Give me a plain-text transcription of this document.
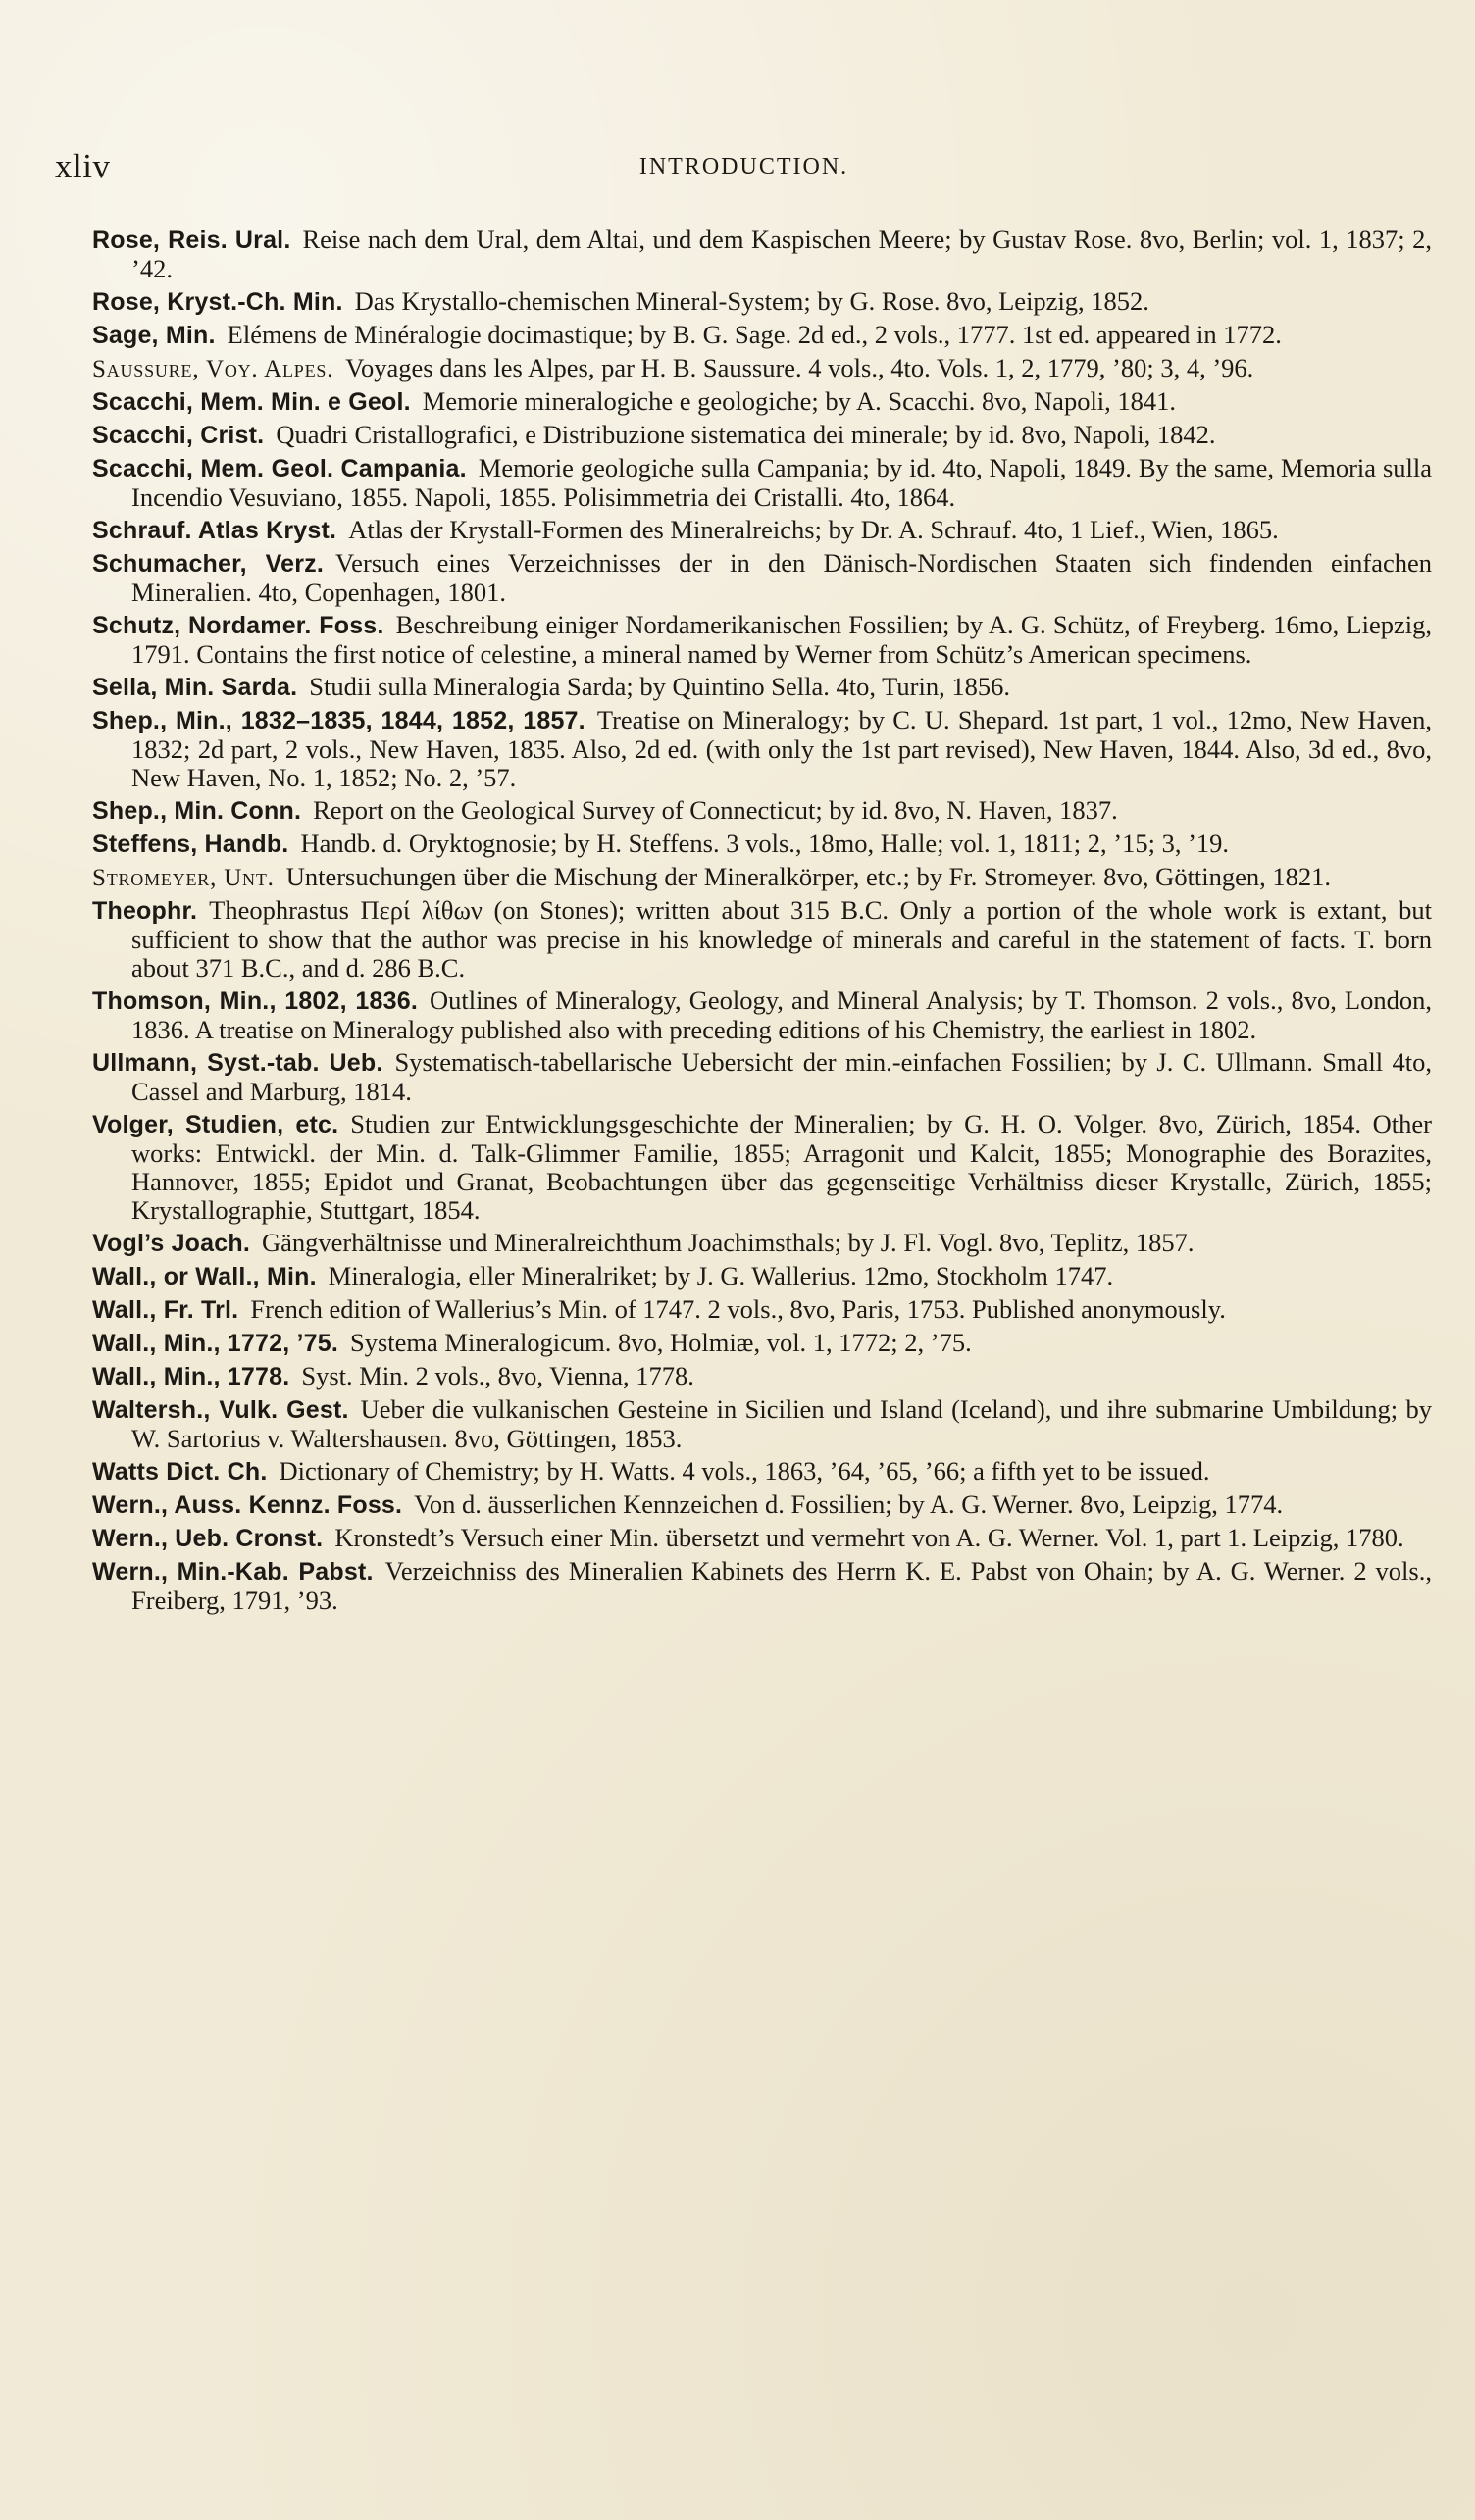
xliv	INTRODUCTION.
Rose, Reis. Ural. Reise nach dem Ural, dem Altai, und dem Kaspischen Meere; by Gustav Rose. 8vo, Berlin; vol. 1, 1837; 2, ’42.
Rose, Kryst.-Ch. Min. Das Krystallo-chemischen Mineral-System; by G. Rose. 8vo, Leipzig, 1852.
Sage, Min. Elémens de Minéralogie docimastique; by B. G. Sage. 2d ed., 2 vols., 1777. 1st ed. appeared in 1772.
Saussure, Voy. Alpes. Voyages dans les Alpes, par H. B. Saussure. 4 vols., 4to. Vols. 1, 2, 1779, ’80; 3, 4, ’96.
Scacchi, Mem. Min. e Geol. Memorie mineralogiche e geologiche; by A. Scacchi. 8vo, Napoli, 1841.
Scacchi, Crist. Quadri Cristallografici, e Distribuzione sistematica dei minerale; by id. 8vo, Napoli, 1842.
Scacchi, Mem. Geol. Campania. Memorie geologiche sulla Campania; by id. 4to, Napoli, 1849. By the same, Memoria sulla Incendio Vesuviano, 1855. Napoli, 1855. Polisimmetria dei Cristalli. 4to, 1864.
Schrauf. Atlas Kryst. Atlas der Krystall-Formen des Mineralreichs; by Dr. A. Schrauf. 4to, 1 Lief., Wien, 1865.
Schumacher, Verz. Versuch eines Verzeichnisses der in den Dänisch-Nordischen Staaten sich findenden einfachen Mineralien. 4to, Copenhagen, 1801.
Schutz, Nordamer. Foss. Beschreibung einiger Nordamerikanischen Fossilien; by A. G. Schütz, of Freyberg. 16mo, Liepzig, 1791. Contains the first notice of celestine, a mineral named by Werner from Schütz’s American specimens.
Sella, Min. Sarda. Studii sulla Mineralogia Sarda; by Quintino Sella. 4to, Turin, 1856.
Shep., Min., 1832–1835, 1844, 1852, 1857. Treatise on Mineralogy; by C. U. Shepard. 1st part, 1 vol., 12mo, New Haven, 1832; 2d part, 2 vols., New Haven, 1835. Also, 2d ed. (with only the 1st part revised), New Haven, 1844. Also, 3d ed., 8vo, New Haven, No. 1, 1852; No. 2, ’57.
Shep., Min. Conn. Report on the Geological Survey of Connecticut; by id. 8vo, N. Haven, 1837.
Steffens, Handb. Handb. d. Oryktognosie; by H. Steffens. 3 vols., 18mo, Halle; vol. 1, 1811; 2, ’15; 3, ’19.
Stromeyer, Unt. Untersuchungen über die Mischung der Mineralkörper, etc.; by Fr. Stromeyer. 8vo, Göttingen, 1821.
Theophr. Theophrastus Περί λίθων (on Stones); written about 315 B.C. Only a portion of the whole work is extant, but sufficient to show that the author was precise in his knowledge of minerals and careful in the statement of facts. T. born about 371 B.C., and d. 286 B.C.
Thomson, Min., 1802, 1836. Outlines of Mineralogy, Geology, and Mineral Analysis; by T. Thomson. 2 vols., 8vo, London, 1836. A treatise on Mineralogy published also with preceding editions of his Chemistry, the earliest in 1802.
Ullmann, Syst.-tab. Ueb. Systematisch-tabellarische Uebersicht der min.-einfachen Fossilien; by J. C. Ullmann. Small 4to, Cassel and Marburg, 1814.
Volger, Studien, etc. Studien zur Entwicklungsgeschichte der Mineralien; by G. H. O. Volger. 8vo, Zürich, 1854. Other works: Entwickl. der Min. d. Talk-Glimmer Familie, 1855; Arragonit und Kalcit, 1855; Monographie des Borazites, Hannover, 1855; Epidot und Granat, Beobachtungen über das gegenseitige Verhältniss dieser Krystalle, Zürich, 1855; Krystallographie, Stuttgart, 1854.
Vogl’s Joach. Gängverhältnisse und Mineralreichthum Joachimsthals; by J. Fl. Vogl. 8vo, Teplitz, 1857.
Wall., or Wall., Min. Mineralogia, eller Mineralriket; by J. G. Wallerius. 12mo, Stockholm 1747.
Wall., Fr. Trl. French edition of Wallerius’s Min. of 1747. 2 vols., 8vo, Paris, 1753. Published anonymously.
Wall., Min., 1772, ’75. Systema Mineralogicum. 8vo, Holmiæ, vol. 1, 1772; 2, ’75.
Wall., Min., 1778. Syst. Min. 2 vols., 8vo, Vienna, 1778.
Waltersh., Vulk. Gest. Ueber die vulkanischen Gesteine in Sicilien und Island (Iceland), und ihre submarine Umbildung; by W. Sartorius v. Waltershausen. 8vo, Göttingen, 1853.
Watts Dict. Ch. Dictionary of Chemistry; by H. Watts. 4 vols., 1863, ’64, ’65, ’66; a fifth yet to be issued.
Wern., Auss. Kennz. Foss. Von d. äusserlichen Kennzeichen d. Fossilien; by A. G. Werner. 8vo, Leipzig, 1774.
Wern., Ueb. Cronst. Kronstedt’s Versuch einer Min. übersetzt und vermehrt von A. G. Werner. Vol. 1, part 1. Leipzig, 1780.
Wern., Min.-Kab. Pabst. Verzeichniss des Mineralien Kabinets des Herrn K. E. Pabst von Ohain; by A. G. Werner. 2 vols., Freiberg, 1791, ’93.
